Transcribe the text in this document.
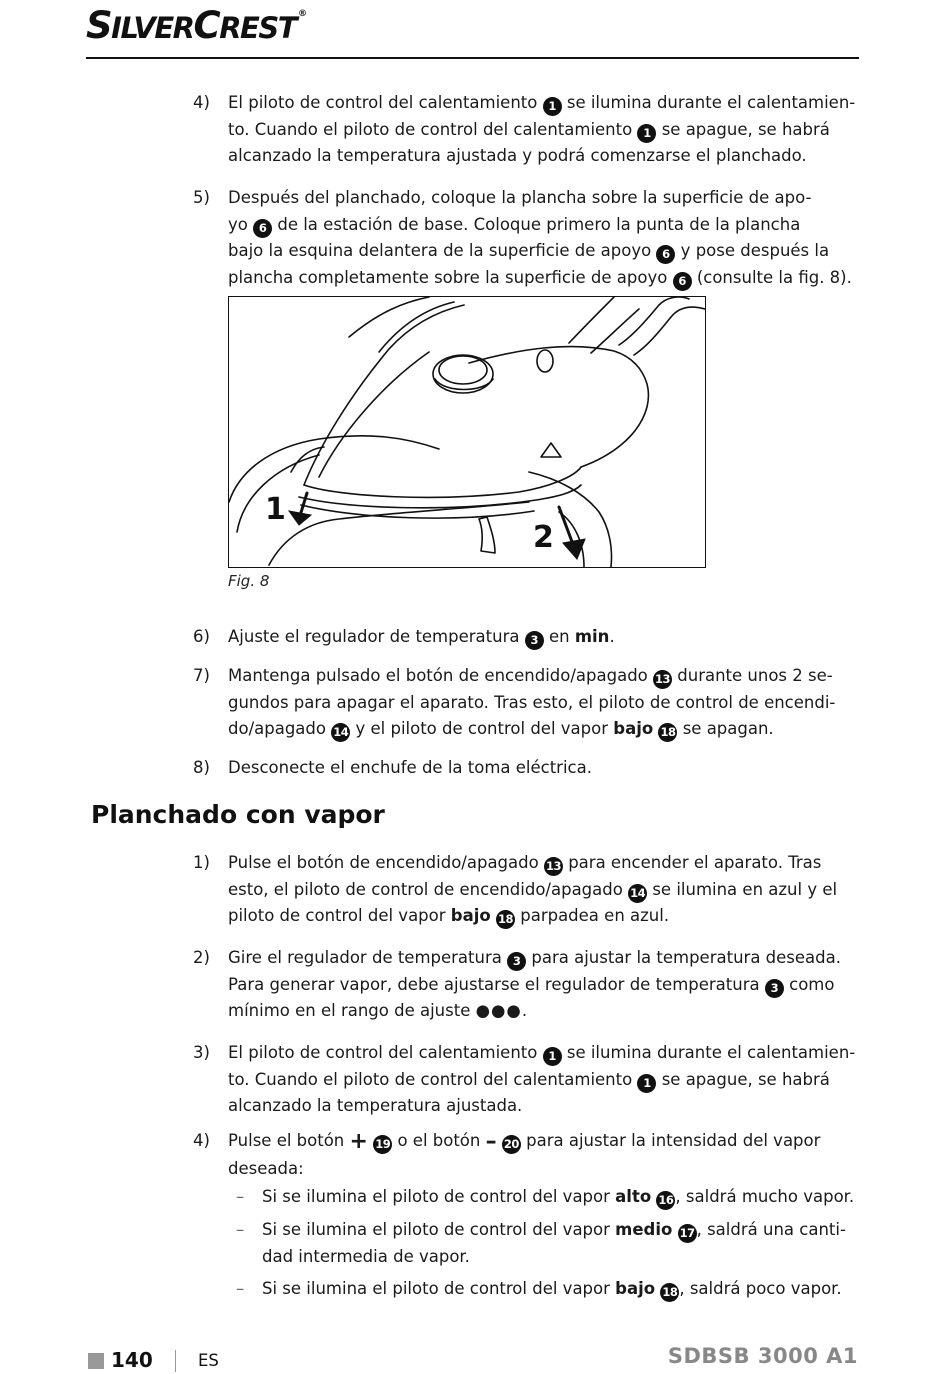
SILVERCREST ®
4) El piloto de control del calentamiento 1 se ilumina durante el calentamien-
to. Cuando el piloto de control del calentamiento 1 se apague, se habrá
alcanzado la temperatura ajustada y podrá comenzarse el planchado.
5) Después del planchado, coloque la plancha sobre la superficie de apo-
yo 6 de la estación de base. Coloque primero la punta de la plancha
bajo la esquina delantera de la superficie de apoyo 6 y pose después la
plancha completamente sobre la superficie de apoyo 6 (consulte la fig. 8).
1
2
Fig. 8
6) Ajuste el regulador de temperatura 3 en min.
7) Mantenga pulsado el botón de encendido/apagado 13 durante unos 2 se-
gundos para apagar el aparato. Tras esto, el piloto de control de encendi-
do/apagado 14 y el piloto de control del vapor bajo 18 se apagan.
8) Desconecte el enchufe de la toma eléctrica.
Planchado con vapor
1) Pulse el botón de encendido/apagado 13 para encender el aparato. Tras
esto, el piloto de control de encendido/apagado 14 se ilumina en azul y el
piloto de control del vapor bajo 18 parpadea en azul.
2) Gire el regulador de temperatura 3 para ajustar la temperatura deseada.
Para generar vapor, debe ajustarse el regulador de temperatura 3 como
mínimo en el rango de ajuste ●●●.
3) El piloto de control del calentamiento 1 se ilumina durante el calentamien-
to. Cuando el piloto de control del calentamiento 1 se apague, se habrá
alcanzado la temperatura ajustada.
4) Pulse el botón + 19 o el botón – 20 para ajustar la intensidad del vapor
deseada:
– Si se ilumina el piloto de control del vapor alto 16 , saldrá mucho vapor.
– Si se ilumina el piloto de control del vapor medio 17 , saldrá una canti-
dad intermedia de vapor.
– Si se ilumina el piloto de control del vapor bajo 18 , saldrá poco vapor.
140	ES	SDBSB 3000 A1
